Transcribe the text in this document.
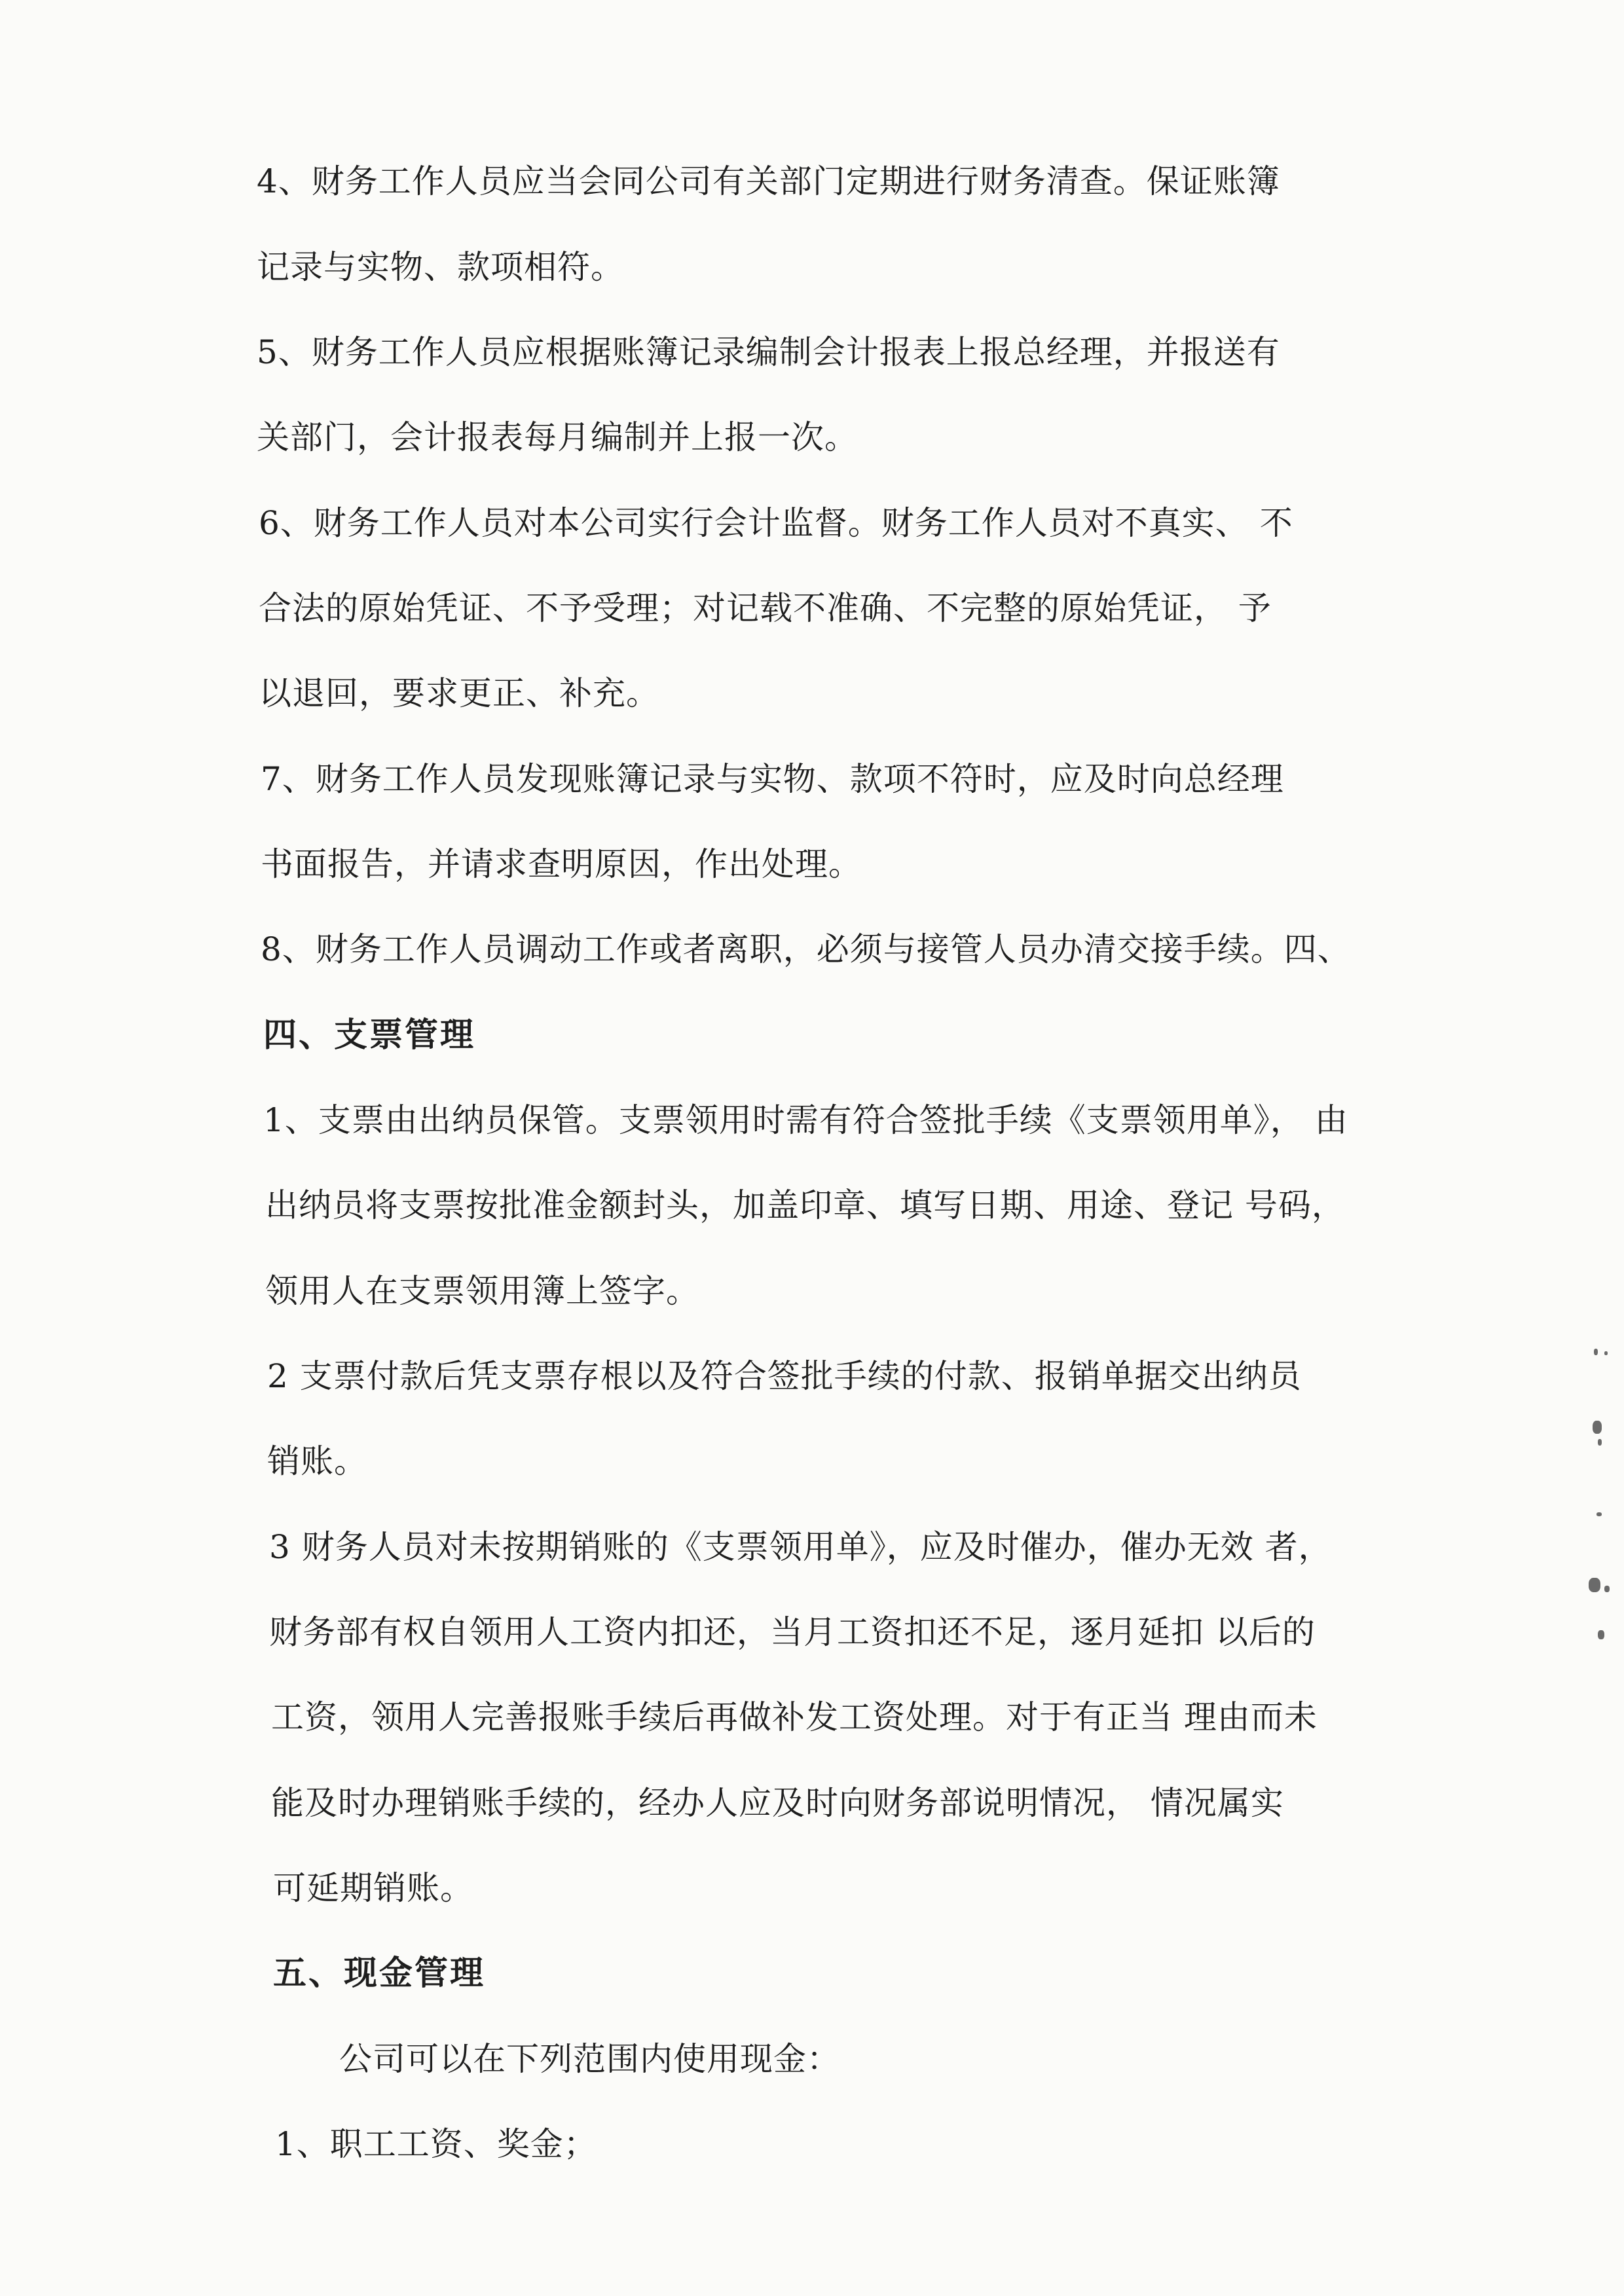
4、财务工作人员应当会同公司有关部门定期进行财务清查。保证账簿
记录与实物、款项相符。
5、财务工作人员应根据账簿记录编制会计报表上报总经理，并报送有
关部门，会计报表每月编制并上报一次。
6、财务工作人员对本公司实行会计监督。财务工作人员对不真实、 不
合法的原始凭证、不予受理；对记载不准确、不完整的原始凭证， 予
以退回，要求更正、补充。
7、财务工作人员发现账簿记录与实物、款项不符时，应及时向总经理
书面报告，并请求查明原因，作出处理。
8、财务工作人员调动工作或者离职，必须与接管人员办清交接手续。四、
四、支票管理
1、支票由出纳员保管。支票领用时需有符合签批手续《支票领用单》， 由
出纳员将支票按批准金额封头，加盖印章、填写日期、用途、登记 号码，
领用人在支票领用簿上签字。
2 支票付款后凭支票存根以及符合签批手续的付款、报销单据交出纳员
销账。
3 财务人员对未按期销账的《支票领用单》，应及时催办，催办无效 者，
财务部有权自领用人工资内扣还，当月工资扣还不足，逐月延扣 以后的
工资，领用人完善报账手续后再做补发工资处理。对于有正当 理由而未
能及时办理销账手续的，经办人应及时向财务部说明情况， 情况属实
可延期销账。
五、现金管理
公司可以在下列范围内使用现金：
1、职工工资、奖金；
